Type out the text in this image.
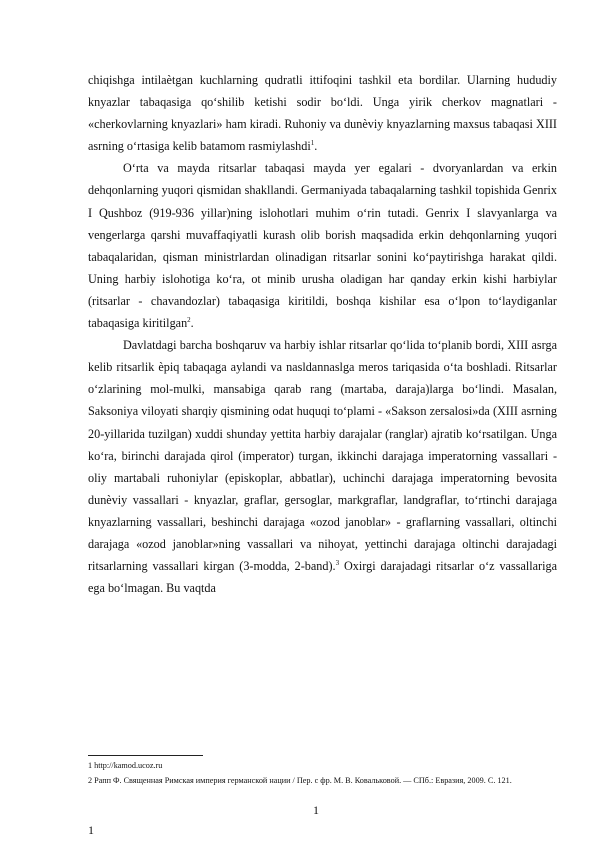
chiqishga intilaѐtgan kuchlarning qudratli ittifoqini tashkil eta bordilar. Ularning hududiy knyazlar tabaqasiga qo‘shilib ketishi sodir bo‘ldi. Unga yirik cherkov magnatlari - «cherkovlarning knyazlari» ham kiradi. Ruhoniy va dunѐviy knyazlarning maxsus tabaqasi XIII asrning o‘rtasiga kelib batamom rasmiylashdi$^1$.

O‘rta va mayda ritsarlar tabaqasi mayda yer egalari - dvoryanlardan va erkin dehqonlarning yuqori qismidan shakllandi. Germaniyada tabaqalarning tashkil topishida Genrix I Qushboz (919-936 yillar)ning islohotlari muhim o‘rin tutadi. Genrix I slavyanlarga va vengerlarga qarshi muvaffaqiyatli kurash olib borish maqsadida erkin dehqonlarning yuqori tabaqalaridan, qisman ministrlardan olinadigan ritsarlar sonini ko‘paytirishga harakat qildi. Uning harbiy islohotiga ko‘ra, ot minib urusha oladigan har qanday erkin kishi harbiylar (ritsarlar - chavandozlar) tabaqasiga kiritildi, boshqa kishilar esa o‘lpon to‘laydiganlar tabaqasiga kiritilgan$^2$.

Davlatdagi barcha boshqaruv va harbiy ishlar ritsarlar qo‘lida to‘planib bordi, XIII asrga kelib ritsarlik ѐpiq tabaqaga aylandi va nasldannaslga meros tariqasida o‘ta boshladi. Ritsarlar o‘zlarining mol-mulki, mansabiga qarab rang (martaba, daraja)larga bo‘lindi. Masalan, Saksoniya viloyati sharqiy qismining odat huquqi to‘plami - «Sakson zersalosi»da (XIII asrning 20-yillarida tuzilgan) xuddi shunday yettita harbiy darajalar (ranglar) ajratib ko‘rsatilgan. Unga ko‘ra, birinchi darajada qirol (imperator) turgan, ikkinchi darajaga imperatorning vassallari - oliy martabali ruhoniylar (episkoplar, abbatlar), uchinchi darajaga imperatorning bevosita dunѐviy vassallari - knyazlar, graflar, gersoglar, markgraflar, landgraflar, to‘rtinchi darajaga knyazlarning vassallari, beshinchi darajaga «ozod janoblar» - graflarning vassallari, oltinchi darajaga «ozod janoblar»ning vassallari va nihoyat, yettinchi darajaga oltinchi darajadagi ritsarlarning vassallari kirgan (3-modda, 2-band).$^3$ Oxirgi darajadagi ritsarlar o‘z vassallariga ega bo‘lmagan. Bu vaqtda

1 http://kamod.ucoz.ru

2 Рапп Ф. Священная Римская империя германской нации / Пер. с фр. М. В. Ковальковой. — СПб.: Евразия, 2009. С. 121.

1
1
